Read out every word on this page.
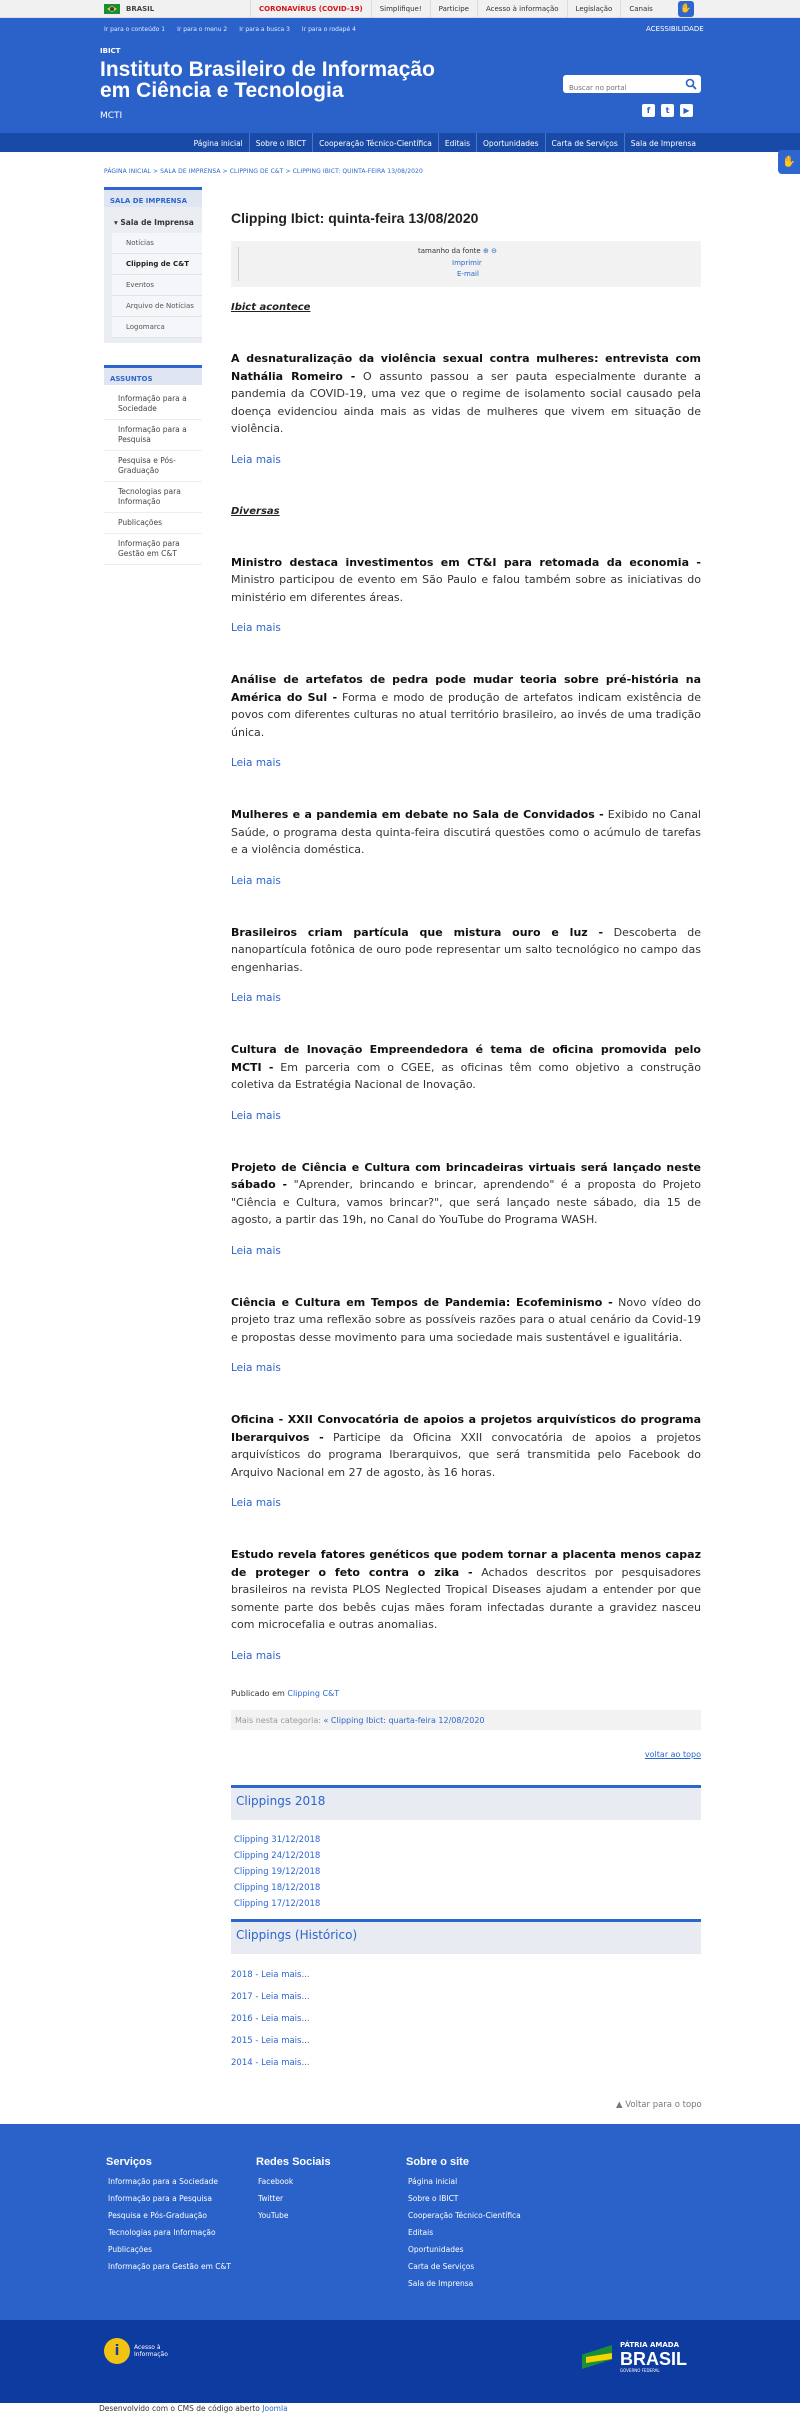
BRASIL	CORONAVÍRUS (COVID-19)	Simplifique!	Participe	Acesso à informação	Legislação	Canais	✋
Ir para o conteúdo 1 Ir para o menu 2 Ir para a busca 3 Ir para o rodapé 4	ACESSIBILIDADE
IBICT
Instituto Brasileiro de Informação
em Ciência e Tecnologia
MCTI
Buscar no portal
f	t	▶
Página inicial	Sobre o IBICT	Cooperação Técnico-Científica	Editais	Oportunidades	Carta de Serviços	Sala de Imprensa
✋
PÁGINA INICIAL > SALA DE IMPRENSA > CLIPPING DE C&T > CLIPPING IBICT: QUINTA-FEIRA 13/08/2020
SALA DE IMPRENSA
▾ Sala de Imprensa
Notícias
Clipping de C&T
Eventos
Arquivo de Notícias
Logomarca
ASSUNTOS
Informação para a Sociedade
Informação para a Pesquisa
Pesquisa e Pós-Graduação
Tecnologias para Informação
Publicações
Informação para Gestão em C&T
Clipping Ibict: quinta-feira 13/08/2020
tamanho da fonte ⊕ ⊖
Imprimir
E-mail
Ibict acontece
A desnaturalização da violência sexual contra mulheres: entrevista com Nathália Romeiro - O assunto passou a ser pauta especialmente durante a pandemia da COVID-19, uma vez que o regime de isolamento social causado pela doença evidenciou ainda mais as vidas de mulheres que vivem em situação de violência.
Leia mais
Diversas
Ministro destaca investimentos em CT&I para retomada da economia - Ministro participou de evento em São Paulo e falou também sobre as iniciativas do ministério em diferentes áreas.
Leia mais
Análise de artefatos de pedra pode mudar teoria sobre pré-história na América do Sul - Forma e modo de produção de artefatos indicam existência de povos com diferentes culturas no atual território brasileiro, ao invés de uma tradição única.
Leia mais
Mulheres e a pandemia em debate no Sala de Convidados - Exibido no Canal Saúde, o programa desta quinta-feira discutirá questões como o acúmulo de tarefas e a violência doméstica.
Leia mais
Brasileiros criam partícula que mistura ouro e luz - Descoberta de nanopartícula fotônica de ouro pode representar um salto tecnológico no campo das engenharias.
Leia mais
Cultura de Inovação Empreendedora é tema de oficina promovida pelo MCTI - Em parceria com o CGEE, as oficinas têm como objetivo a construção coletiva da Estratégia Nacional de Inovação.
Leia mais
Projeto de Ciência e Cultura com brincadeiras virtuais será lançado neste sábado - "Aprender, brincando e brincar, aprendendo" é a proposta do Projeto "Ciência e Cultura, vamos brincar?", que será lançado neste sábado, dia 15 de agosto, a partir das 19h, no Canal do YouTube do Programa WASH.
Leia mais
Ciência e Cultura em Tempos de Pandemia: Ecofeminismo - Novo vídeo do projeto traz uma reflexão sobre as possíveis razões para o atual cenário da Covid-19 e propostas desse movimento para uma sociedade mais sustentável e igualitária.
Leia mais
Oficina - XXII Convocatória de apoios a projetos arquivísticos do programa Iberarquivos - Participe da Oficina XXII convocatória de apoios a projetos arquivísticos do programa Iberarquivos, que será transmitida pelo Facebook do Arquivo Nacional em 27 de agosto, às 16 horas.
Leia mais
Estudo revela fatores genéticos que podem tornar a placenta menos capaz de proteger o feto contra o zika - Achados descritos por pesquisadores brasileiros na revista PLOS Neglected Tropical Diseases ajudam a entender por que somente parte dos bebês cujas mães foram infectadas durante a gravidez nasceu com microcefalia e outras anomalias.
Leia mais
Publicado em Clipping C&T
Mais nesta categoria: « Clipping Ibict: quarta-feira 12/08/2020
voltar ao topo
Clippings 2018
Clipping 31/12/2018
Clipping 24/12/2018
Clipping 19/12/2018
Clipping 18/12/2018
Clipping 17/12/2018
Clippings (Histórico)
2018 - Leia mais...
2017 - Leia mais...
2016 - Leia mais...
2015 - Leia mais...
2014 - Leia mais...
▲ Voltar para o topo
Serviços
Informação para a Sociedade
Informação para a Pesquisa
Pesquisa e Pós-Graduação
Tecnologias para Informação
Publicações
Informação para Gestão em C&T
Redes Sociais
Facebook
Twitter
YouTube
Sobre o site
Página inicial
Sobre o IBICT
Cooperação Técnico-Científica
Editais
Oportunidades
Carta de Serviços
Sala de Imprensa
i	Acesso à
Informação
PÁTRIA AMADA
BRASIL
GOVERNO FEDERAL
Desenvolvido com o CMS de código aberto Joomla
